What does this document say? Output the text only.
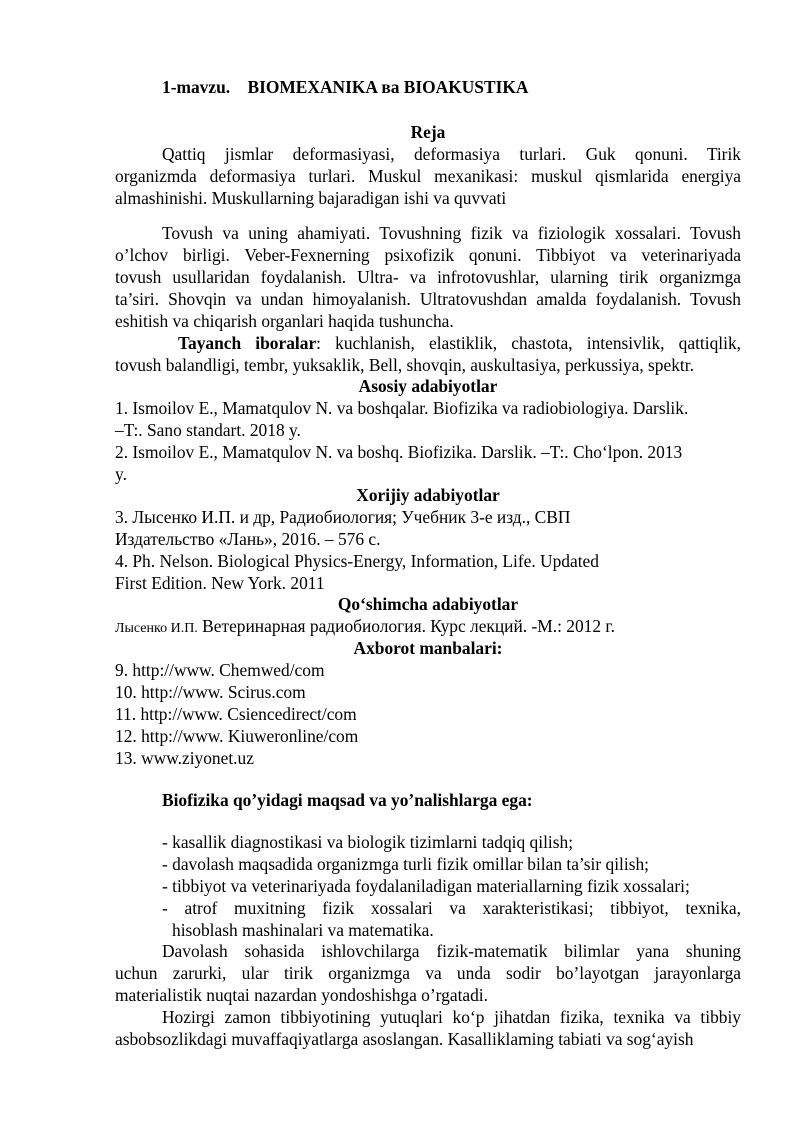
1-mavzu. BIOMEXANIKA ва BIOAKUSTIKA
Reja
Qattiq jismlar deformasiyasi, deformasiya turlari. Guk qonuni. Tirik
organizmda deformasiya turlari. Muskul mexanikasi: muskul qismlarida energiya
almashinishi. Muskullarning bajaradigan ishi va quvvati
Tovush va uning ahamiyati. Tovushning fizik va fiziologik xossalari. Tovush
o’lchov birligi. Veber-Fexnerning psixofizik qonuni. Tibbiyot va veterinariyada
tovush usullaridan foydalanish. Ultra- va infrotovushlar, ularning tirik organizmga
ta’siri. Shovqin va undan himoyalanish. Ultratovushdan amalda foydalanish. Tovush
eshitish va chiqarish organlari haqida tushuncha.
Tayanch iboralar: kuchlanish, elastiklik, chastota, intensivlik, qattiqlik,
tovush balandligi, tembr, yuksaklik, Bell, shovqin, auskultasiya, perkussiya, spektr.
Asosiy adabiyotlar
1. Ismoilov E., Mamatqulov N. va boshqalar. Biofizika va radiobiologiya. Darslik.
–T:. Sano standart. 2018 y.
2. Ismoilov E., Mamatqulov N. va boshq. Biofizika. Darslik. –T:. Cho‘lpon. 2013
y.
Xorijiy adabiyotlar
3. Лысенко И.П. и др, Радиобиология; Учебник 3-е изд., СВП
Издательство «Лань», 2016. – 576 с.
4. Ph. Nelson. Biological Physics-Energy, Information, Life. Updated
First Edition. New York. 2011
Qo‘shimcha adabiyotlar
Лысенко И.П. Ветеринарная радиобиология. Курс лекций. -М.: 2012 г.
Axborot manbalari:
9. http://www. Chemwed/com
10. http://www. Scirus.com
11. http://www. Csiencedirect/com
12. http://www. Kiuweronline/com
13. www.ziyonet.uz
Biofizika qo’yidagi maqsad va yo’nalishlarga ega:
- kasallik diagnostikasi va biologik tizimlarni tadqiq qilish;
- davolash maqsadida organizmga turli fizik omillar bilan ta’sir qilish;
- tibbiyot va veterinariyada foydalaniladigan materiallarning fizik xossalari;
- atrof muxitning fizik xossalari va xarakteristikasi; tibbiyot, texnika,
hisoblash mashinalari va matematika.
Davolash sohasida ishlovchilarga fizik-matematik bilimlar yana shuning
uchun zarurki, ular tirik organizmga va unda sodir bo’layotgan jarayonlarga
materialistik nuqtai nazardan yondoshishga o’rgatadi.
Hozirgi zamon tibbiyotining yutuqlari ko‘p jihatdan fizika, texnika va tibbiy
asbobsozlikdagi muvaffaqiyatlarga asoslangan. Kasalliklaming tabiati va sog‘ayish
